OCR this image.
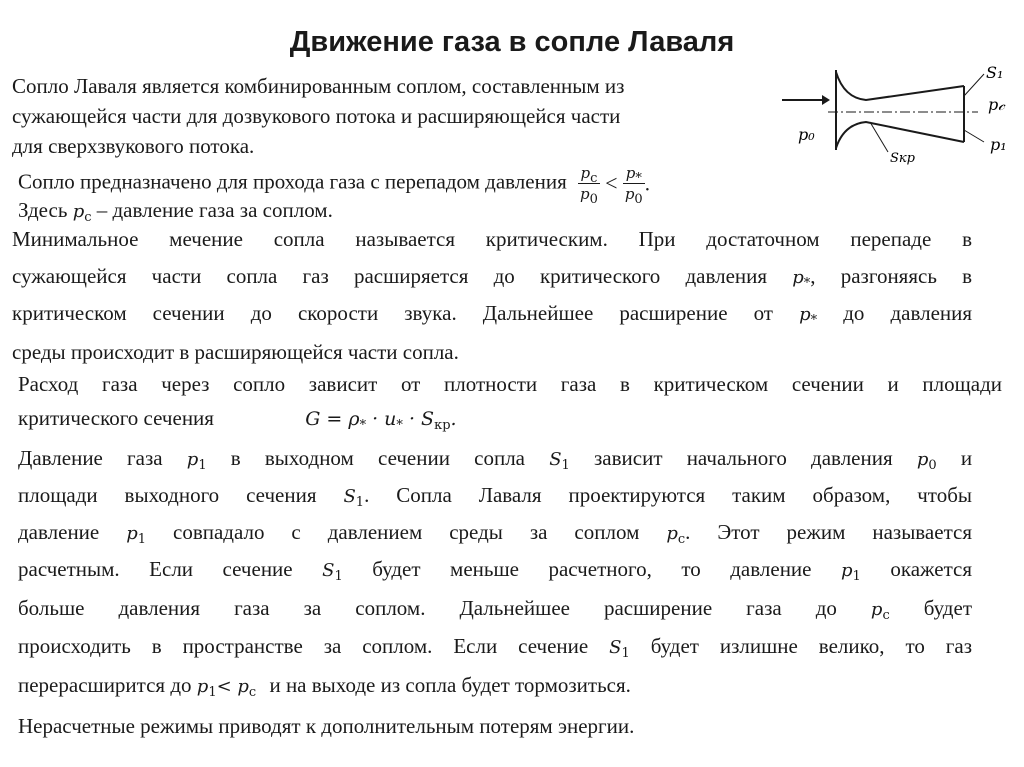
Движение газа в сопле Лаваля
Сопло Лаваля является комбинированным соплом, составленным из
сужающейся части для дозвукового потока и расширяющейся части
для сверхзвукового потока.
Сопло предназначено для прохода газа с перепадом давления $\frac{p_c}{p_0} < \frac{p_*}{p_0}$ .
Здесь $p_c$ – давление газа за соплом.
Минимальное мечение сопла называется критическим. При достаточном перепаде в
сужающейся части сопла газ расширяется до критического давления $p_*$, разгоняясь в
критическом сечении до скорости звука. Дальнейшее расширение от $p_*$ до давления
среды происходит в расширяющейся части сопла.
Расход газа через сопло зависит от плотности газа в критическом сечении и площади
критического сечения	$G = \rho_* \cdot u_* \cdot S_{кр}$.
Давление газа $p_1$ в выходном сечении сопла $S_1$ зависит начального давления $p_0$ и
площади выходного сечения $S_1$. Сопла Лаваля проектируются таким образом, чтобы
давление $p_1$ совпадало с давлением среды за соплом $p_c$. Этот режим называется
расчетным. Если сечение $S_1$ будет меньше расчетного, то давление $p_1$ окажется
больше давления газа за соплом. Дальнейшее расширение газа до $p_c$ будет
происходить в пространстве за соплом. Если сечение $S_1$ будет излишне велико, то газ
перерасширится до $p_1< p_c$ и на выходе из сопла будет тормозиться.
Нерасчетные режимы приводят к дополнительным потерям энергии.
S₁
p𝒸
p₁
p₀
Sкр
